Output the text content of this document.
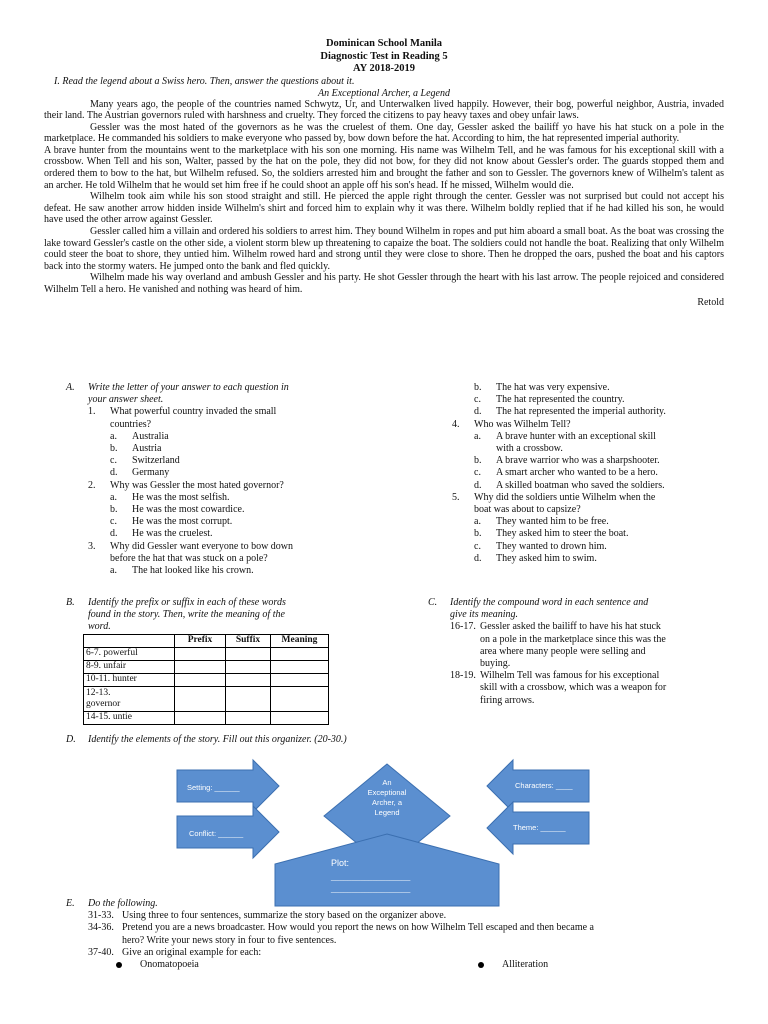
Dominican School Manila
Diagnostic Test in Reading 5
AY 2018-2019
I. Read the legend about a Swiss hero. Then, answer the questions about it.
An Exceptional Archer, a Legend

Many years ago, the people of the countries named Schwytz, Ur, and Unterwalken lived happily. However, their bog, powerful neighbor, Austria, invaded their land. The Austrian governors ruled with harshness and cruelty. They forced the citizens to pay heavy taxes and obey unfair laws.

Gessler was the most hated of the governors as he was the cruelest of them. One day, Gessler asked the bailiff yo have his hat stuck on a pole in the marketplace. He commanded his soldiers to make everyone who passed by, bow down before the hat. According to him, the hat represented imperial authority.

A brave hunter from the mountains went to the marketplace with his son one morning. His name was Wilhelm Tell, and he was famous for his exceptional skill with a crossbow. When Tell and his son, Walter, passed by the hat on the pole, they did not bow, for they did not know about Gessler's order. The guards stopped them and ordered them to bow to the hat, but Wilhelm refused. So, the soldiers arrested him and brought the father and son to Gessler. The governors knew of Wilhelm's talent as an archer. He told Wilhelm that he would set him free if he could shoot an apple off his son's head. If he missed, Wilhelm would die.

Wilhelm took aim while his son stood straight and still. He pierced the apple right through the center. Gessler was not surprised but could not accept his defeat. He saw another arrow hidden inside Wilhelm's shirt and forced him to explain why it was there. Wilhelm boldly replied that if he had killed his son, he would have used the other arrow against Gessler.

Gessler called him a villain and ordered his soldiers to arrest him. They bound Wilhelm in ropes and put him aboard a small boat. As the boat was crossing the lake toward Gessler's castle on the other side, a violent storm blew up threatening to capaize the boat. The soldiers could not handle the boat. Realizing that only Wilhelm could steer the boat to shore, they untied him. Wilhelm rowed hard and strong until they were close to shore. Then he dropped the oars, pushed the boat and his captors back into the stormy waters. He jumped onto the bank and fled quickly.

Wilhelm made his way overland and ambush Gessler and his party. He shot Gessler through the heart with his last arrow. The people rejoiced and considered Wilhelm Tell a hero. He vanished and nothing was heard of him.

Retold
A.	Write the letter of your answer to each question in
your answer sheet.
1.	What powerful country invaded the small
countries?
a.	Australia
b.	Austria
c.	Switzerland
d.	Germany
2.	Why was Gessler the most hated governor?
a.	He was the most selfish.
b.	He was the most cowardice.
c.	He was the most corrupt.
d.	He was the cruelest.
3.	Why did Gessler want everyone to bow down
before the hat that was stuck on a pole?
a.	The hat looked like his crown.
b.	The hat was very expensive.
c.	The hat represented the country.
d.	The hat represented the imperial authority.
4.	Who was Wilhelm Tell?
a.	A brave hunter with an exceptional skill
with a crossbow.
b.	A brave warrior who was a sharpshooter.
c.	A smart archer who wanted to be a hero.
d.	A skilled boatman who saved the soldiers.
5.	Why did the soldiers untie Wilhelm when the
boat was about to capsize?
a.	They wanted him to be free.
b.	They asked him to steer the boat.
c.	They wanted to drown him.
d.	They asked him to swim.
B.	Identify the prefix or suffix in each of these words
found in the story. Then, write the meaning of the
word.
	Prefix	Suffix	Meaning
6-7. powerful			
8-9. unfair			
10-11. hunter			

12-13.
governor			

14-15. untie			
C.	Identify the compound word in each sentence and
give its meaning.
16-17. Gessler asked the bailiff to have his hat stuck
on a pole in the marketplace since this was the
area where many people were selling and
buying.
18-19. Wilhelm Tell was famous for his exceptional
skill with a crossbow, which was a weapon for
firing arrows.
D.	Identify the elements of the story. Fill out this organizer. (20-30.)
Setting: ______
Conflict: ______
Characters: ____
Theme: ______
An
Exceptional
Archer, a
Legend
Plot:
___________________
___________________
E.	Do the following.
31-33. Using three to four sentences, summarize the story based on the organizer above.
34-36. Pretend you are a news broadcaster. How would you report the news on how Wilhelm Tell escaped and then became a
hero? Write your news story in four to five sentences.
37-40. Give an original example for each:
Onomatopoeia	Alliteration
